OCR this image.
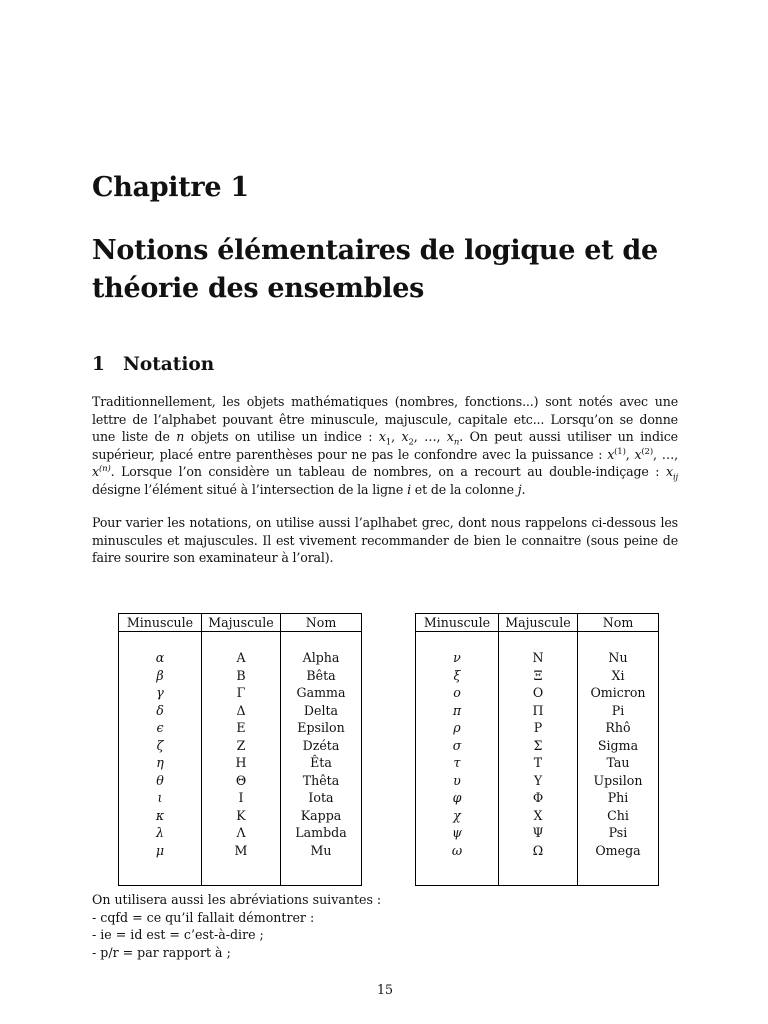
Chapitre 1
Notions élémentaires de logique et de théorie des ensembles
1 Notation

Traditionnellement, les objets mathématiques (nombres, fonctions...) sont notés avec une lettre de l’alphabet pouvant être minuscule, majuscule, capitale etc... Lorsqu’on se donne une liste de n objets on utilise un indice : $x_1$, $x_2$, …, $x_n$. On peut aussi utiliser un indice supérieur, placé entre parenthèses pour ne pas le confondre avec la puissance : $x^{(1)}$, $x^{(2)}$, …, $x^{(n)}$. Lorsque l’on considère un tableau de nombres, on a recourt au double-indiçage : $x_{ij}$ désigne l’élément situé à l’intersection de la ligne i et de la colonne j.

Pour varier les notations, on utilise aussi l’aplhabet grec, dont nous rappelons ci-dessous les minuscules et majuscules. Il est vivement recommander de bien le connaitre (sous peine de faire sourire son examinateur à l’oral).

Minuscule	Majuscule	Nom

α	A	Alpha
β	B	Bêta
γ	Γ	Gamma
δ	Δ	Delta
ϵ	E	Epsilon
ζ	Z	Dzéta
η	H	Êta
θ	Θ	Thêta
ι	I	Iota
κ	K	Kappa
λ	Λ	Lambda
μ	M	Mu

Minuscule	Majuscule	Nom

ν	N	Nu
ξ	Ξ	Xi
ο	O	Omicron
π	Π	Pi
ρ	P	Rhô
σ	Σ	Sigma
τ	T	Tau
υ	Υ	Upsilon
φ	Φ	Phi
χ	X	Chi
ψ	Ψ	Psi
ω	Ω	Omega

On utilisera aussi les abréviations suivantes :
- cqfd = ce qu’il fallait démontrer :
- ie = id est = c’est-à-dire ;
- p/r = par rapport à ;
15
